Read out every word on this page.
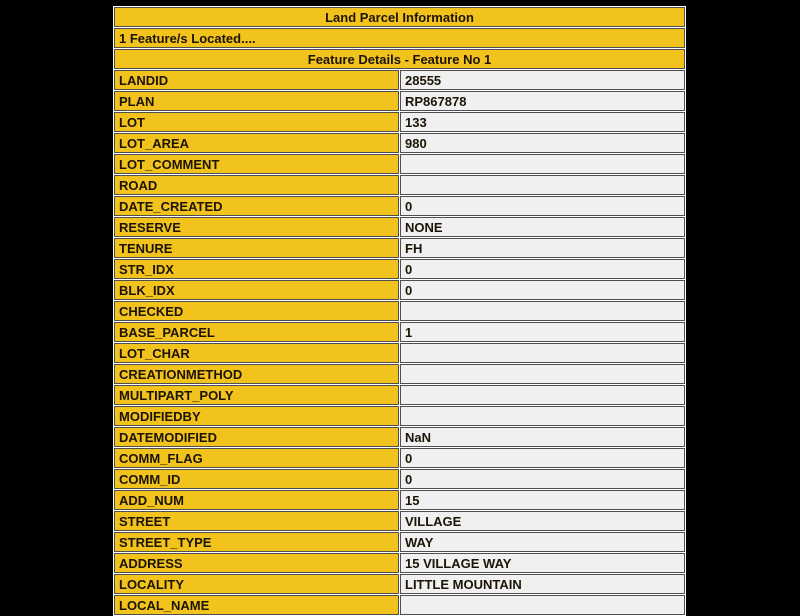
Land Parcel Information	
1 Feature/s Located....	
Feature Details - Feature No 1	
LANDID	28555
PLAN	RP867878
LOT	133
LOT_AREA	980
LOT_COMMENT	
ROAD	
DATE_CREATED	0
RESERVE	NONE
TENURE	FH
STR_IDX	0
BLK_IDX	0
CHECKED	
BASE_PARCEL	1
LOT_CHAR	
CREATIONMETHOD	
MULTIPART_POLY	
MODIFIEDBY	
DATEMODIFIED	NaN
COMM_FLAG	0
COMM_ID	0
ADD_NUM	15
STREET	VILLAGE
STREET_TYPE	WAY
ADDRESS	15 VILLAGE WAY
LOCALITY	LITTLE MOUNTAIN
LOCAL_NAME	
